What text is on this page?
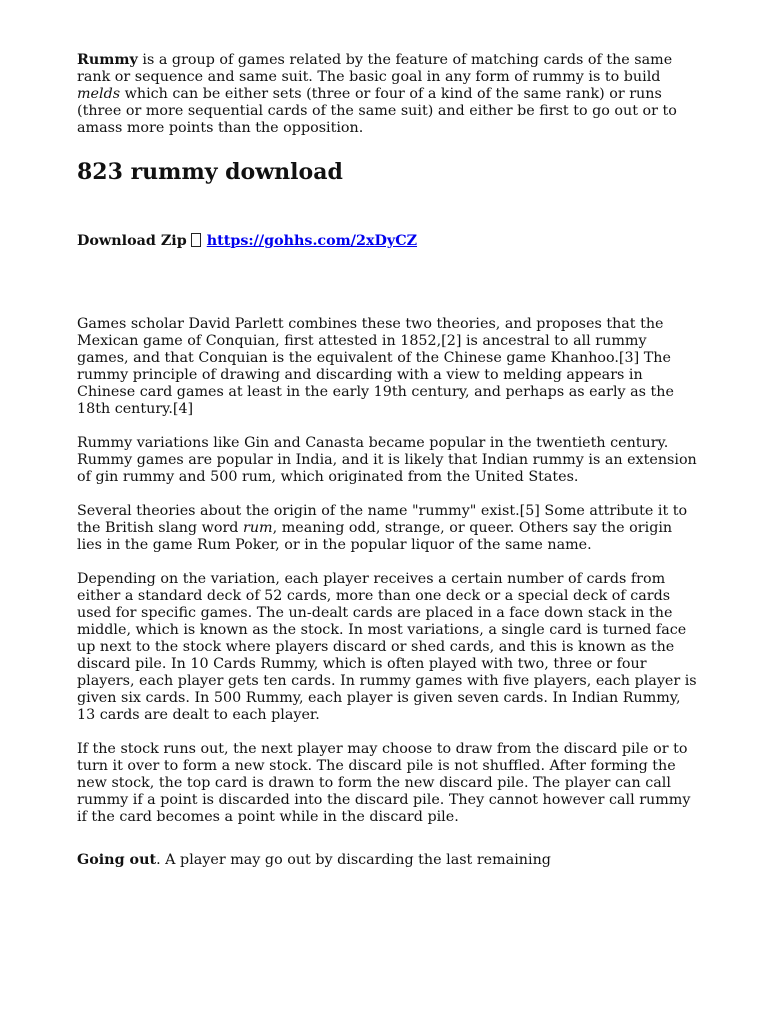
Rummy is a group of games related by the feature of matching cards of the same rank or sequence and same suit. The basic goal in any form of rummy is to build melds which can be either sets (three or four of a kind of the same rank) or runs (three or more sequential cards of the same suit) and either be first to go out or to amass more points than the opposition.

823 rummy download

Download Zip https://gohhs.com/2xDyCZ

Games scholar David Parlett combines these two theories, and proposes that the Mexican game of Conquian, first attested in 1852,[2] is ancestral to all rummy games, and that Conquian is the equivalent of the Chinese game Khanhoo.[3] The rummy principle of drawing and discarding with a view to melding appears in Chinese card games at least in the early 19th century, and perhaps as early as the 18th century.[4]

Rummy variations like Gin and Canasta became popular in the twentieth century. Rummy games are popular in India, and it is likely that Indian rummy is an extension of gin rummy and 500 rum, which originated from the United States.

Several theories about the origin of the name "rummy" exist.[5] Some attribute it to the British slang word rum, meaning odd, strange, or queer. Others say the origin lies in the game Rum Poker, or in the popular liquor of the same name.

Depending on the variation, each player receives a certain number of cards from either a standard deck of 52 cards, more than one deck or a special deck of cards used for specific games. The un-dealt cards are placed in a face down stack in the middle, which is known as the stock. In most variations, a single card is turned face up next to the stock where players discard or shed cards, and this is known as the discard pile. In 10 Cards Rummy, which is often played with two, three or four players, each player gets ten cards. In rummy games with five players, each player is given six cards. In 500 Rummy, each player is given seven cards. In Indian Rummy, 13 cards are dealt to each player.

If the stock runs out, the next player may choose to draw from the discard pile or to turn it over to form a new stock. The discard pile is not shuffled. After forming the new stock, the top card is drawn to form the new discard pile. The player can call rummy if a point is discarded into the discard pile. They cannot however call rummy if the card becomes a point while in the discard pile.

Going out. A player may go out by discarding the last remaining
